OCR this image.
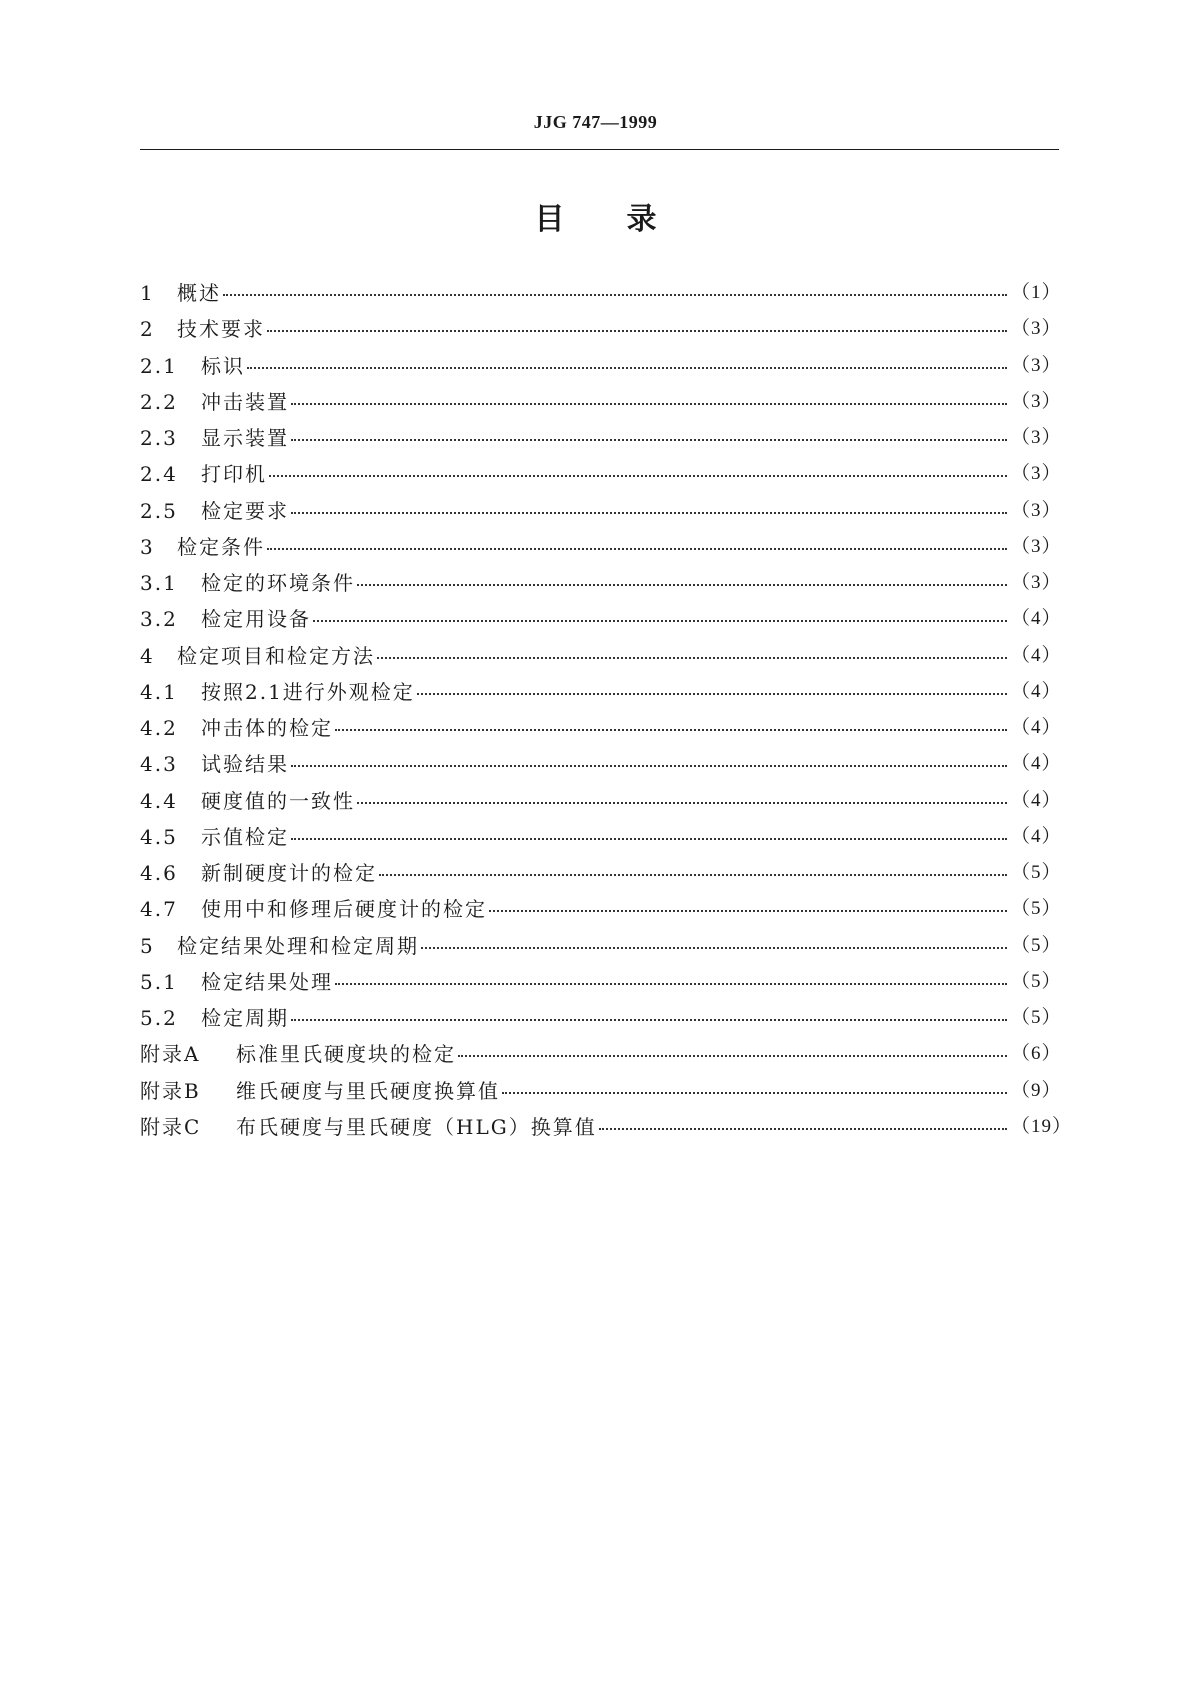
JJG 747—1999
目 录
1	概述	（1）
2	技术要求	（3）
2.1	标识	（3）
2.2	冲击装置	（3）
2.3	显示装置	（3）
2.4	打印机	（3）
2.5	检定要求	（3）
3	检定条件	（3）
3.1	检定的环境条件	（3）
3.2	检定用设备	（4）
4	检定项目和检定方法	（4）
4.1	按照2.1进行外观检定	（4）
4.2	冲击体的检定	（4）
4.3	试验结果	（4）
4.4	硬度值的一致性	（4）
4.5	示值检定	（4）
4.6	新制硬度计的检定	（5）
4.7	使用中和修理后硬度计的检定	（5）
5	检定结果处理和检定周期	（5）
5.1	检定结果处理	（5）
5.2	检定周期	（5）
附录A	标准里氏硬度块的检定	（6）
附录B	维氏硬度与里氏硬度换算值	（9）
附录C	布氏硬度与里氏硬度（HLG）换算值	（19）
